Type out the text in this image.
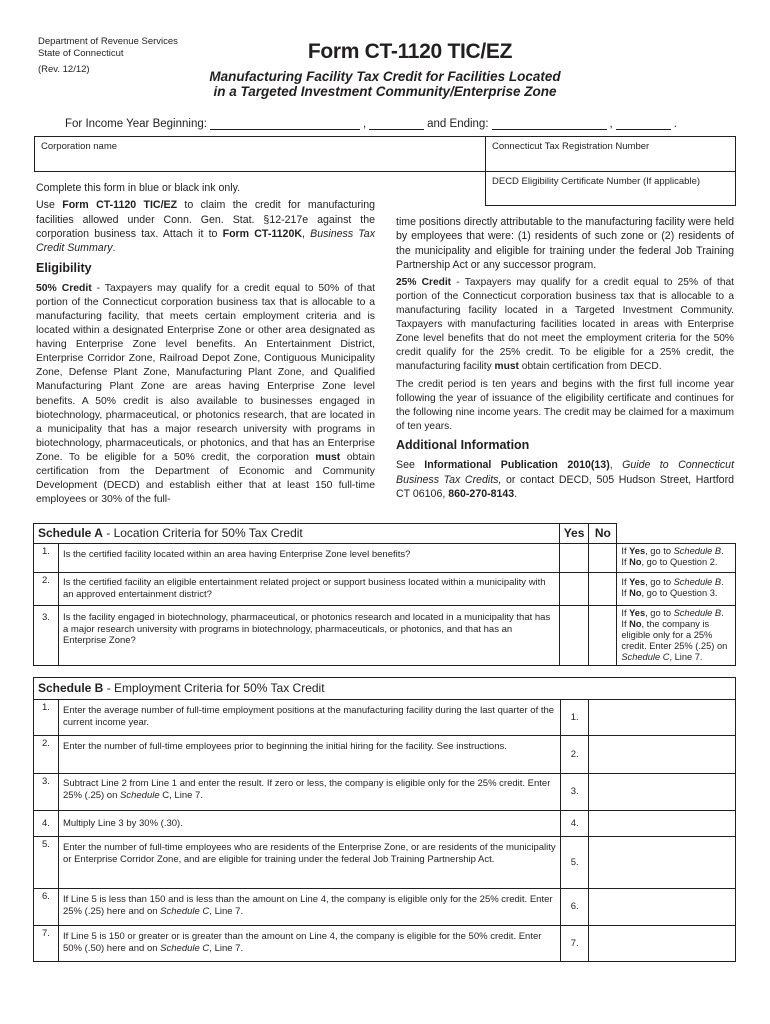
Department of Revenue Services
State of Connecticut
(Rev. 12/12)
Form CT-1120 TIC/EZ
Manufacturing Facility Tax Credit for Facilities Located
in a Targeted Investment Community/Enterprise Zone
For Income Year Beginning:	,	and Ending:	,	.
Corporation name	Connecticut Tax Registration Number
DECD Eligibility Certificate Number (If applicable)

Complete this form in blue or black ink only.

Use Form CT-1120 TIC/EZ to claim the credit for manufacturing facilities allowed under Conn. Gen. Stat. §12-217e against the corporation business tax. Attach it to Form CT-1120K, Business Tax Credit Summary.

Eligibility

50% Credit - Taxpayers may qualify for a credit equal to 50% of that portion of the Connecticut corporation business tax that is allocable to a manufacturing facility, that meets certain employment criteria and is located within a designated Enterprise Zone or other area designated as having Enterprise Zone level benefits. An Entertainment District, Enterprise Corridor Zone, Railroad Depot Zone, Contiguous Municipality Zone, Defense Plant Zone, Manufacturing Plant Zone, and Qualified Manufacturing Plant Zone are areas having Enterprise Zone level benefits. A 50% credit is also available to businesses engaged in biotechnology, pharmaceutical, or photonics research, that are located in a municipality that has a major research university with programs in biotechnology, pharmaceuticals, or photonics, and that has an Enterprise Zone. To be eligible for a 50% credit, the corporation must obtain certification from the Department of Economic and Community Development (DECD) and establish either that at least 150 full-time employees or 30% of the full-

time positions directly attributable to the manufacturing facility were held by employees that were: (1) residents of such zone or (2) residents of the municipality and eligible for training under the federal Job Training Partnership Act or any successor program.

25% Credit - Taxpayers may qualify for a credit equal to 25% of that portion of the Connecticut corporation business tax that is allocable to a manufacturing facility located in a Targeted Investment Community. Taxpayers with manufacturing facilities located in areas with Enterprise Zone level benefits that do not meet the employment criteria for the 50% credit qualify for the 25% credit. To be eligible for a 25% credit, the manufacturing facility must obtain certification from DECD.

The credit period is ten years and begins with the first full income year following the year of issuance of the eligibility certificate and continues for the following nine income years. The credit may be claimed for a maximum of ten years.

Additional Information

See Informational Publication 2010(13), Guide to Connecticut Business Tax Credits, or contact DECD, 505 Hudson Street, Hartford CT 06106, 860-270-8143.

Schedule A - Location Criteria for 50% Tax Credit		Yes	No	
1.	Is the certified facility located within an area having Enterprise Zone level benefits?			If Yes, go to Schedule B.
If No, go to Question 2.
2.	Is the certified facility an eligible entertainment related project or support business located within a municipality with an approved entertainment district?			If Yes, go to Schedule B.
If No, go to Question 3.
3.	Is the facility engaged in biotechnology, pharmaceutical, or photonics research and located in a municipality that has a major research university with programs in biotechnology, pharmaceuticals, or photonics, and that has an Enterprise Zone?			If Yes, go to Schedule B.
If No, the company is eligible only for a 25% credit. Enter 25% (.25) on Schedule C, Line 7.
Schedule B - Employment Criteria for 50% Tax Credit			
1.	Enter the average number of full-time employment positions at the manufacturing facility during the last quarter of the current income year.	1.	
2.	Enter the number of full-time employees prior to beginning the initial hiring for the facility. See instructions.	2.	
3.	Subtract Line 2 from Line 1 and enter the result. If zero or less, the company is eligible only for the 25% credit. Enter 25% (.25) on Schedule C, Line 7.	3.	
4.	Multiply Line 3 by 30% (.30).	4.	
5.	Enter the number of full-time employees who are residents of the Enterprise Zone, or are residents of the municipality or Enterprise Corridor Zone, and are eligible for training under the federal Job Training Partnership Act.	5.	
6.	If Line 5 is less than 150 and is less than the amount on Line 4, the company is eligible only for the 25% credit. Enter 25% (.25) here and on Schedule C, Line 7.	6.	
7.	If Line 5 is 150 or greater or is greater than the amount on Line 4, the company is eligible for the 50% credit. Enter 50% (.50) here and on Schedule C, Line 7.	7.	
